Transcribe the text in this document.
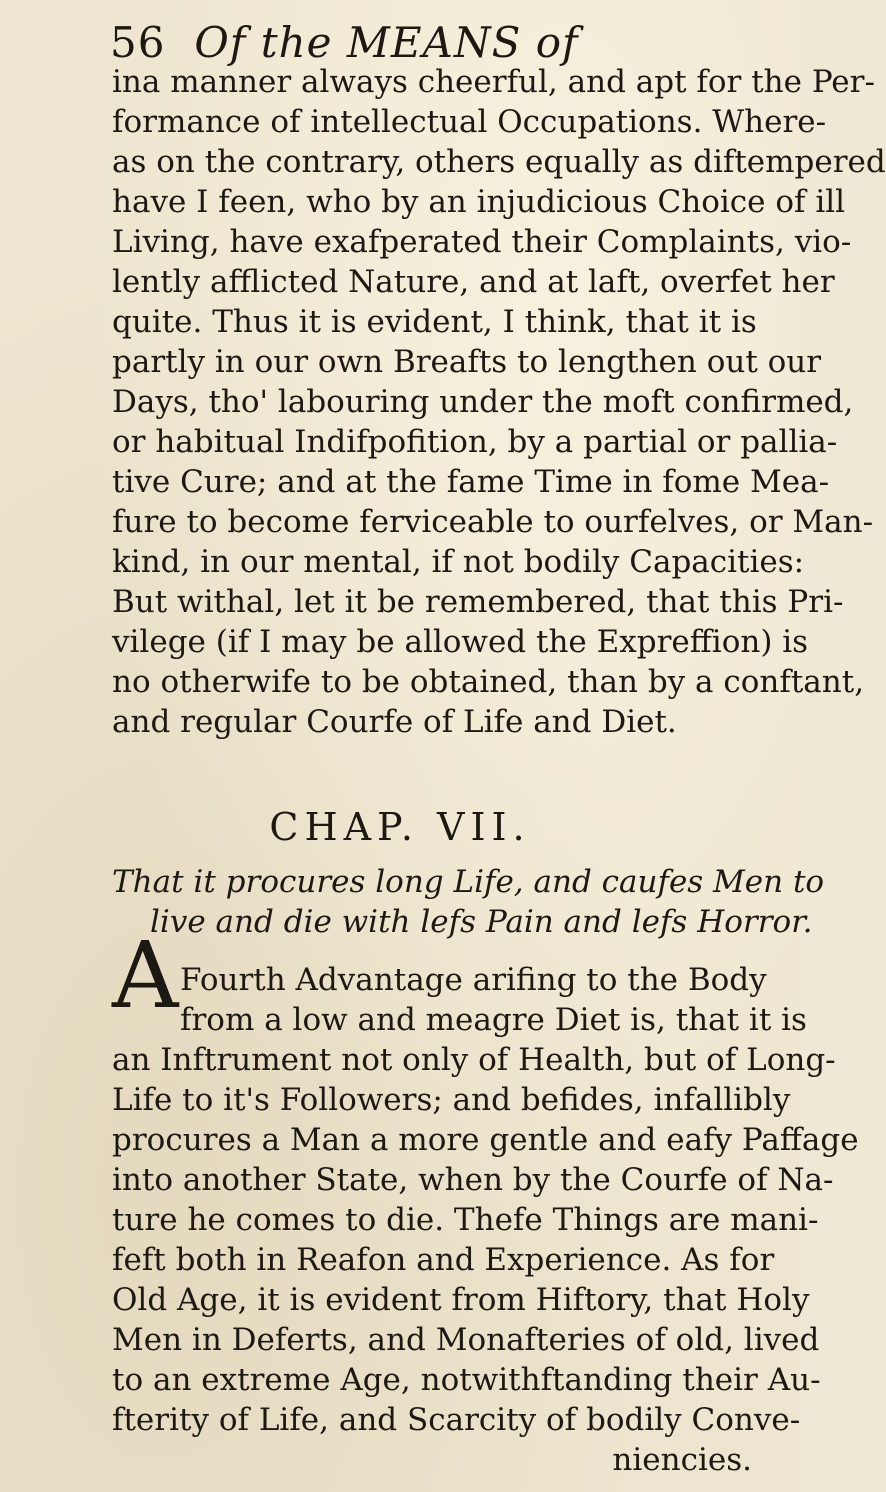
56 Of the MEANS of
ina manner always cheerful, and apt for the Per-
formance of intellectual Occupations. Where-
as on the contrary, others equally as diftempered
have I feen, who by an injudicious Choice of ill
Living, have exafperated their Complaints, vio-
lently afflicted Nature, and at laft, overfet her
quite. Thus it is evident, I think, that it is
partly in our own Breafts to lengthen out our
Days, tho' labouring under the moft confirmed,
or habitual Indifpofition, by a partial or pallia-
tive Cure; and at the fame Time in fome Mea-
fure to become ferviceable to ourfelves, or Man-
kind, in our mental, if not bodily Capacities:
But withal, let it be remembered, that this Pri-
vilege (if I may be allowed the Expreffion) is
no otherwife to be obtained, than by a conftant,
and regular Courfe of Life and Diet.
CHAP. VII.
That it procures long Life, and caufes Men to
live and die with lefs Pain and lefs Horror.
A Fourth Advantage arifing to the Body
from a low and meagre Diet is, that it is
an Inftrument not only of Health, but of Long-
Life to it's Followers; and befides, infallibly
procures a Man a more gentle and eafy Paffage
into another State, when by the Courfe of Na-
ture he comes to die. Thefe Things are mani-
feft both in Reafon and Experience. As for
Old Age, it is evident from Hiftory, that Holy
Men in Deferts, and Monafteries of old, lived
to an extreme Age, notwithftanding their Au-
fterity of Life, and Scarcity of bodily Conve-
niencies.
